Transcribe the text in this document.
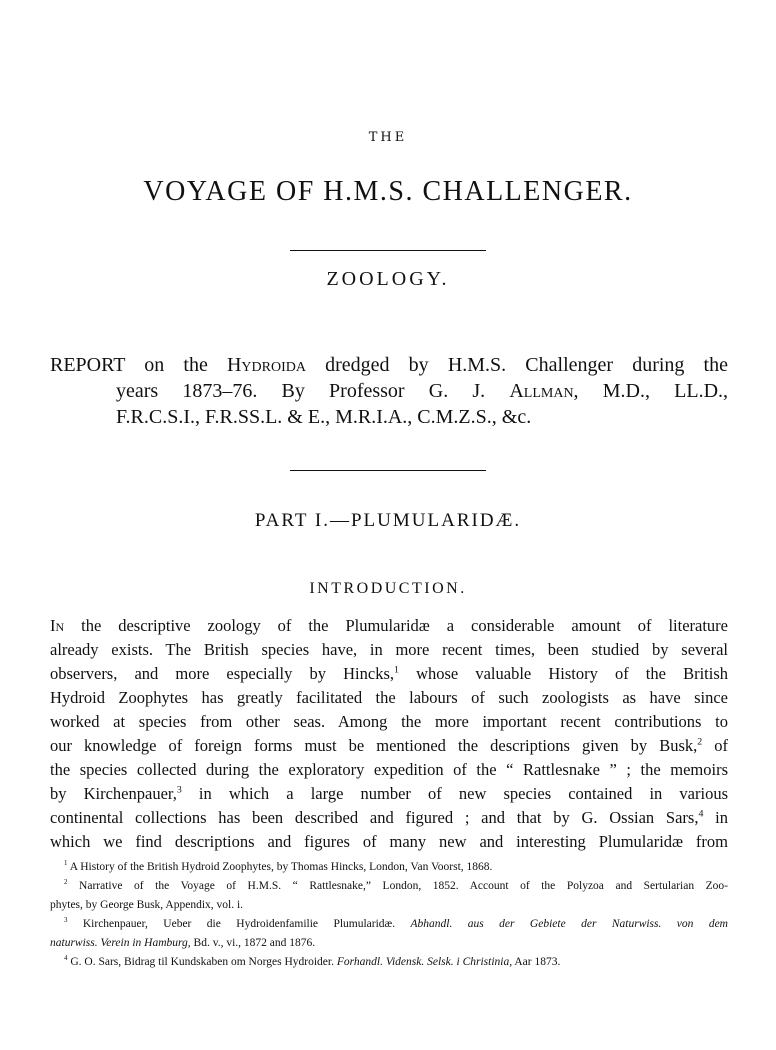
THE
VOYAGE OF H.M.S. CHALLENGER.
ZOOLOGY.
REPORT on the Hydroida dredged by H.M.S. Challenger during the
years 1873–76. By Professor G. J. Allman, M.D., LL.D.,
F.R.C.S.I., F.R.SS.L. & E., M.R.I.A., C.M.Z.S., &c.
PART I.—PLUMULARIDÆ.
INTRODUCTION.
In the descriptive zoology of the Plumularidæ a considerable amount of literature
already exists. The British species have, in more recent times, been studied by several
observers, and more especially by Hincks,$^1$ whose valuable History of the British
Hydroid Zoophytes has greatly facilitated the labours of such zoologists as have since
worked at species from other seas. Among the more important recent contributions to
our knowledge of foreign forms must be mentioned the descriptions given by Busk,$^2$ of
the species collected during the exploratory expedition of the “ Rattlesnake ” ; the memoirs
by Kirchenpauer,$^3$ in which a large number of new species contained in various
continental collections has been described and figured ; and that by G. Ossian Sars,$^4$ in
which we find descriptions and figures of many new and interesting Plumularidæ from
$^1$ A History of the British Hydroid Zoophytes, by Thomas Hincks, London, Van Voorst, 1868.
$^2$ Narrative of the Voyage of H.M.S. “ Rattlesnake,” London, 1852. Account of the Polyzoa and Sertularian Zoo-
phytes, by George Busk, Appendix, vol. i.
$^3$ Kirchenpauer, Ueber die Hydroidenfamilie Plumularidæ. Abhandl. aus der Gebiete der Naturwiss. von dem
naturwiss. Verein in Hamburg, Bd. v., vi., 1872 and 1876.
$^4$ G. O. Sars, Bidrag til Kundskaben om Norges Hydroider. Forhandl. Vidensk. Selsk. i Christinia, Aar 1873.
